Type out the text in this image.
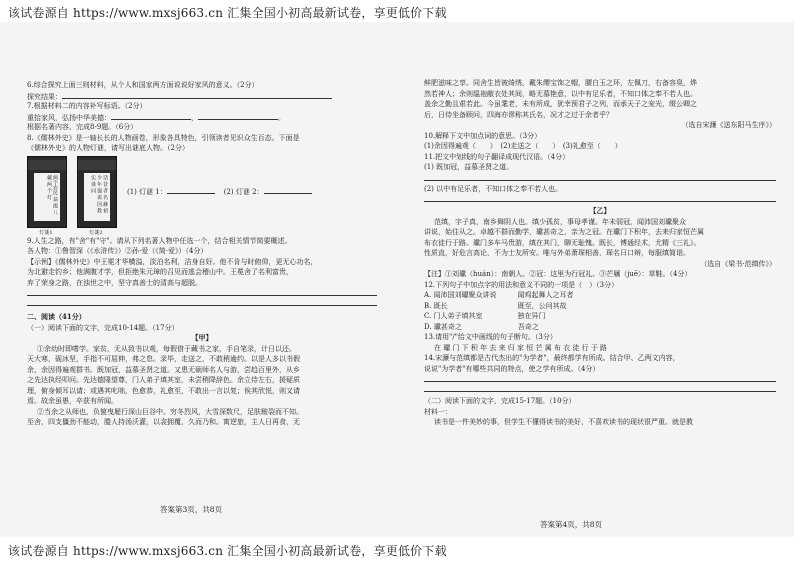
该试卷源自 https://www.mxsj663.cn 汇集全国小初高最新试卷，享更低价下载
6.综合探究上面三则材料，从个人和国家两方面说说好家风的意义。（2分）
探究结果：
7.根据材料二的内容补写标语。（2分）
重拾家风，弘扬中华美德：	，	。
根据名著内容，完成8-9题。（6分）
8.《儒林外史》是一轴长长的人物画卷，形象各具特色，引领读者见识众生百态。下面是
《儒林外史》的人物灯谜，请写出谜底人物。（2分）
两个农民 翁 淞 八 戴 两 个 灯
灯谜1
话 昔 者 名 赫 初 少 年 强 说 因 教 实 谈 问
灯谜2
(1) 灯谜 1：	(2) 灯谜 2：
9.人生之路，有"舍"有"守"。请从下列名著人物中任选一个，结合相关情节简要概述。
各人物：①鲁智深（《水浒传》）②孙·爱（《简·爱》）（4分）
【示例】《儒林外史》中王冕才华横溢，淡泊名利，洁身自好。他不肯与时俯仰，更无心功名，
为北避走钓乡；他满腹才学，但拒绝朱元璋的召见而逃会稽山中。王冕舍了名利富贵，
弃了荣身之路，在浊世之中，坚守真善士的清高与超脱。
二、阅读（41分）
（一）阅读下面的文字，完成10-14题。（17分）
【甲】
①余幼时即嗜学。家贫，无从致书以观，每假借于藏书之家，手自笔录，计日以还。
天大寒，砚冰坚，手指不可屈伸，弗之怠。录毕，走送之，不敢稍逾约。以是人多以书假
余，余因得遍观群书。既加冠，益慕圣贤之道。又患无硕师名人与游，尝趋百里外，从乡
之先达执经叩问。先达德隆望尊，门人弟子填其室，未尝稍降辞色。余立侍左右，援疑质
理，俯身倾耳以请；或遇其叱咄，色愈恭，礼愈至，不敢出一言以复；俟其欣悦，则又请
焉。故余虽愚，卒获有所闻。
②当余之从师也，负箧曳屣行深山巨谷中。穷冬烈风，大雪深数尺，足肤皲裂而不知。
至舍，四支僵劲不能动，媵人持汤沃灌，以衾拥覆，久而乃和。寓逆旅，主人日再食，无
答案第3页，共8页
鲜肥滋味之享。同舍生皆被绮绣，戴朱缨宝饰之帽，腰白玉之环，左佩刀，右备容臭，烨
然若神人；余则缊袍敝衣处其间，略无慕艳意，以中有足乐者，不知口体之奉不若人也。
盖余之勤且艰若此。今虽耄老，未有所成，犹幸预君子之列，而承天子之宠光，缀公卿之
后，日侍坐备顾问，四海亦谬称其氏名，况才之过于余者乎？
（选自宋濂《送东阳马生序》）
10.解释下文中加点词的意思。（3分）
(1)余因得遍观（　　）　(2)走送之（　　）　(3)礼愈至（　　）
11.把文中划线的句子翻译成现代汉语。（4分）
(1) 既加冠，益慕圣贤之道。
(2) 以中有足乐者，不知口体之奉不若人也。
【乙】
范缜，字子真，南乡舞阴人也。缜少孤贫，事母孝谨。年未弱冠，闻沛国刘瓛聚众
讲说，始往从之。卓越不群而勤学，瓛甚奇之，亲为之冠。在瓛门下积年，去来归家恒芒属
布衣徒行于路。瓛门多车马贵游，缜在其门，聊无耻愧。既长，博通经术，尤精《三礼》。
性质直，好危言高论，不为士友所安。唯与外弟萧琛相善，琛名曰口辩，每服缜简诣。
（选自《梁书·范缜传》）
【注】①刘瓛（huán）：南朝人。②冠：这里为行冠礼。③芒屩（juē）：草鞋。（4分）
12.下列句子中加点字的用法和意义不同的一项是（　）（3分）
A. 闻沛国刘瓛聚众讲说　　　闻鸡起舞人之耳者
B. 既长　　　　　　　　　　既至，公问其故
C. 门人弟子填其室　　　　　独在异门
D. 瓛甚奇之　　　　　　　　吾奇之
13.请用"/"给文中画线的句子断句。（3分）
在 瓛 门 下 积 年 去 来 归 家 恒 芒 属 布 衣 徒 行 于 路
14.宋濂与范缜都是古代杰出的"为学者"，最终都学有所成。结合甲、乙两文内容，
说说"为学者"有哪些共同的特点，使之学有所成。（4分）
（二）阅读下面的文字，完成15-17题。（10分）
材料一：
读书是一件美妙的事，但学生不懂得读书的美好，不喜欢读书的现状很严重。就是教
答案第4页，共8页
该试卷源自 https://www.mxsj663.cn 汇集全国小初高最新试卷，享更低价下载
